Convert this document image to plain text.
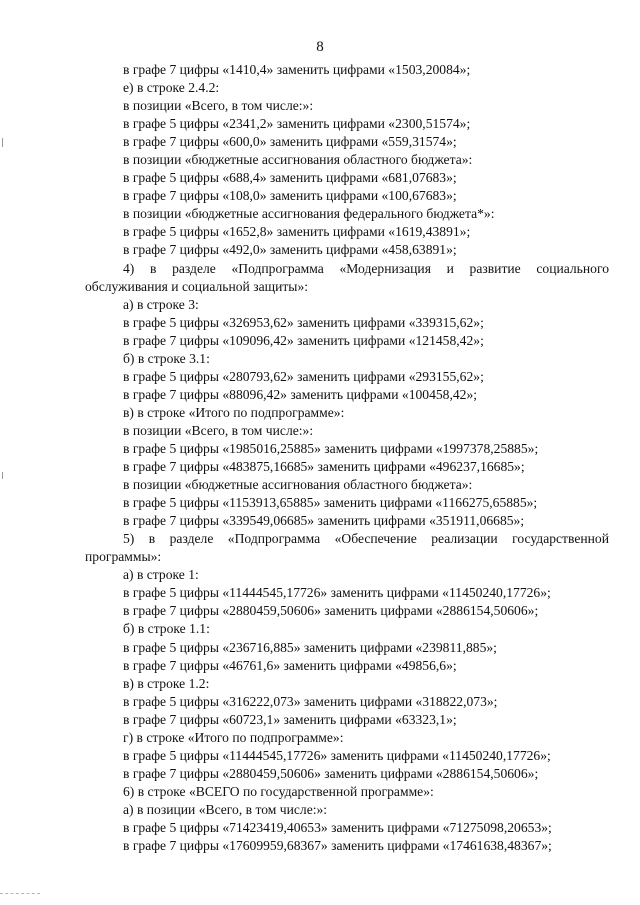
8
в графе 7 цифры «1410,4» заменить цифрами «1503,20084»;
е) в строке 2.4.2:
в позиции «Всего, в том числе:»:
в графе 5 цифры «2341,2» заменить цифрами «2300,51574»;
в графе 7 цифры «600,0» заменить цифрами «559,31574»;
в позиции «бюджетные ассигнования областного бюджета»:
в графе 5 цифры «688,4» заменить цифрами «681,07683»;
в графе 7 цифры «108,0» заменить цифрами «100,67683»;
в позиции «бюджетные ассигнования федерального бюджета*»:
в графе 5 цифры «1652,8» заменить цифрами «1619,43891»;
в графе 7 цифры «492,0» заменить цифрами «458,63891»;
4) в разделе «Подпрограмма «Модернизация и развитие социального обслуживания и социальной защиты»:
а) в строке 3:
в графе 5 цифры «326953,62» заменить цифрами «339315,62»;
в графе 7 цифры «109096,42» заменить цифрами «121458,42»;
б) в строке 3.1:
в графе 5 цифры «280793,62» заменить цифрами «293155,62»;
в графе 7 цифры «88096,42» заменить цифрами «100458,42»;
в) в строке «Итого по подпрограмме»:
в позиции «Всего, в том числе:»:
в графе 5 цифры «1985016,25885» заменить цифрами «1997378,25885»;
в графе 7 цифры «483875,16685» заменить цифрами «496237,16685»;
в позиции «бюджетные ассигнования областного бюджета»:
в графе 5 цифры «1153913,65885» заменить цифрами «1166275,65885»;
в графе 7 цифры «339549,06685» заменить цифрами «351911,06685»;
5) в разделе «Подпрограмма «Обеспечение реализации государственной программы»:
а) в строке 1:
в графе 5 цифры «11444545,17726» заменить цифрами «11450240,17726»;
в графе 7 цифры «2880459,50606» заменить цифрами «2886154,50606»;
б) в строке 1.1:
в графе 5 цифры «236716,885» заменить цифрами «239811,885»;
в графе 7 цифры «46761,6» заменить цифрами «49856,6»;
в) в строке 1.2:
в графе 5 цифры «316222,073» заменить цифрами «318822,073»;
в графе 7 цифры «60723,1» заменить цифрами «63323,1»;
г) в строке «Итого по подпрограмме»:
в графе 5 цифры «11444545,17726» заменить цифрами «11450240,17726»;
в графе 7 цифры «2880459,50606» заменить цифрами «2886154,50606»;
6) в строке «ВСЕГО по государственной программе»:
а) в позиции «Всего, в том числе:»:
в графе 5 цифры «71423419,40653» заменить цифрами «71275098,20653»;
в графе 7 цифры «17609959,68367» заменить цифрами «17461638,48367»;
